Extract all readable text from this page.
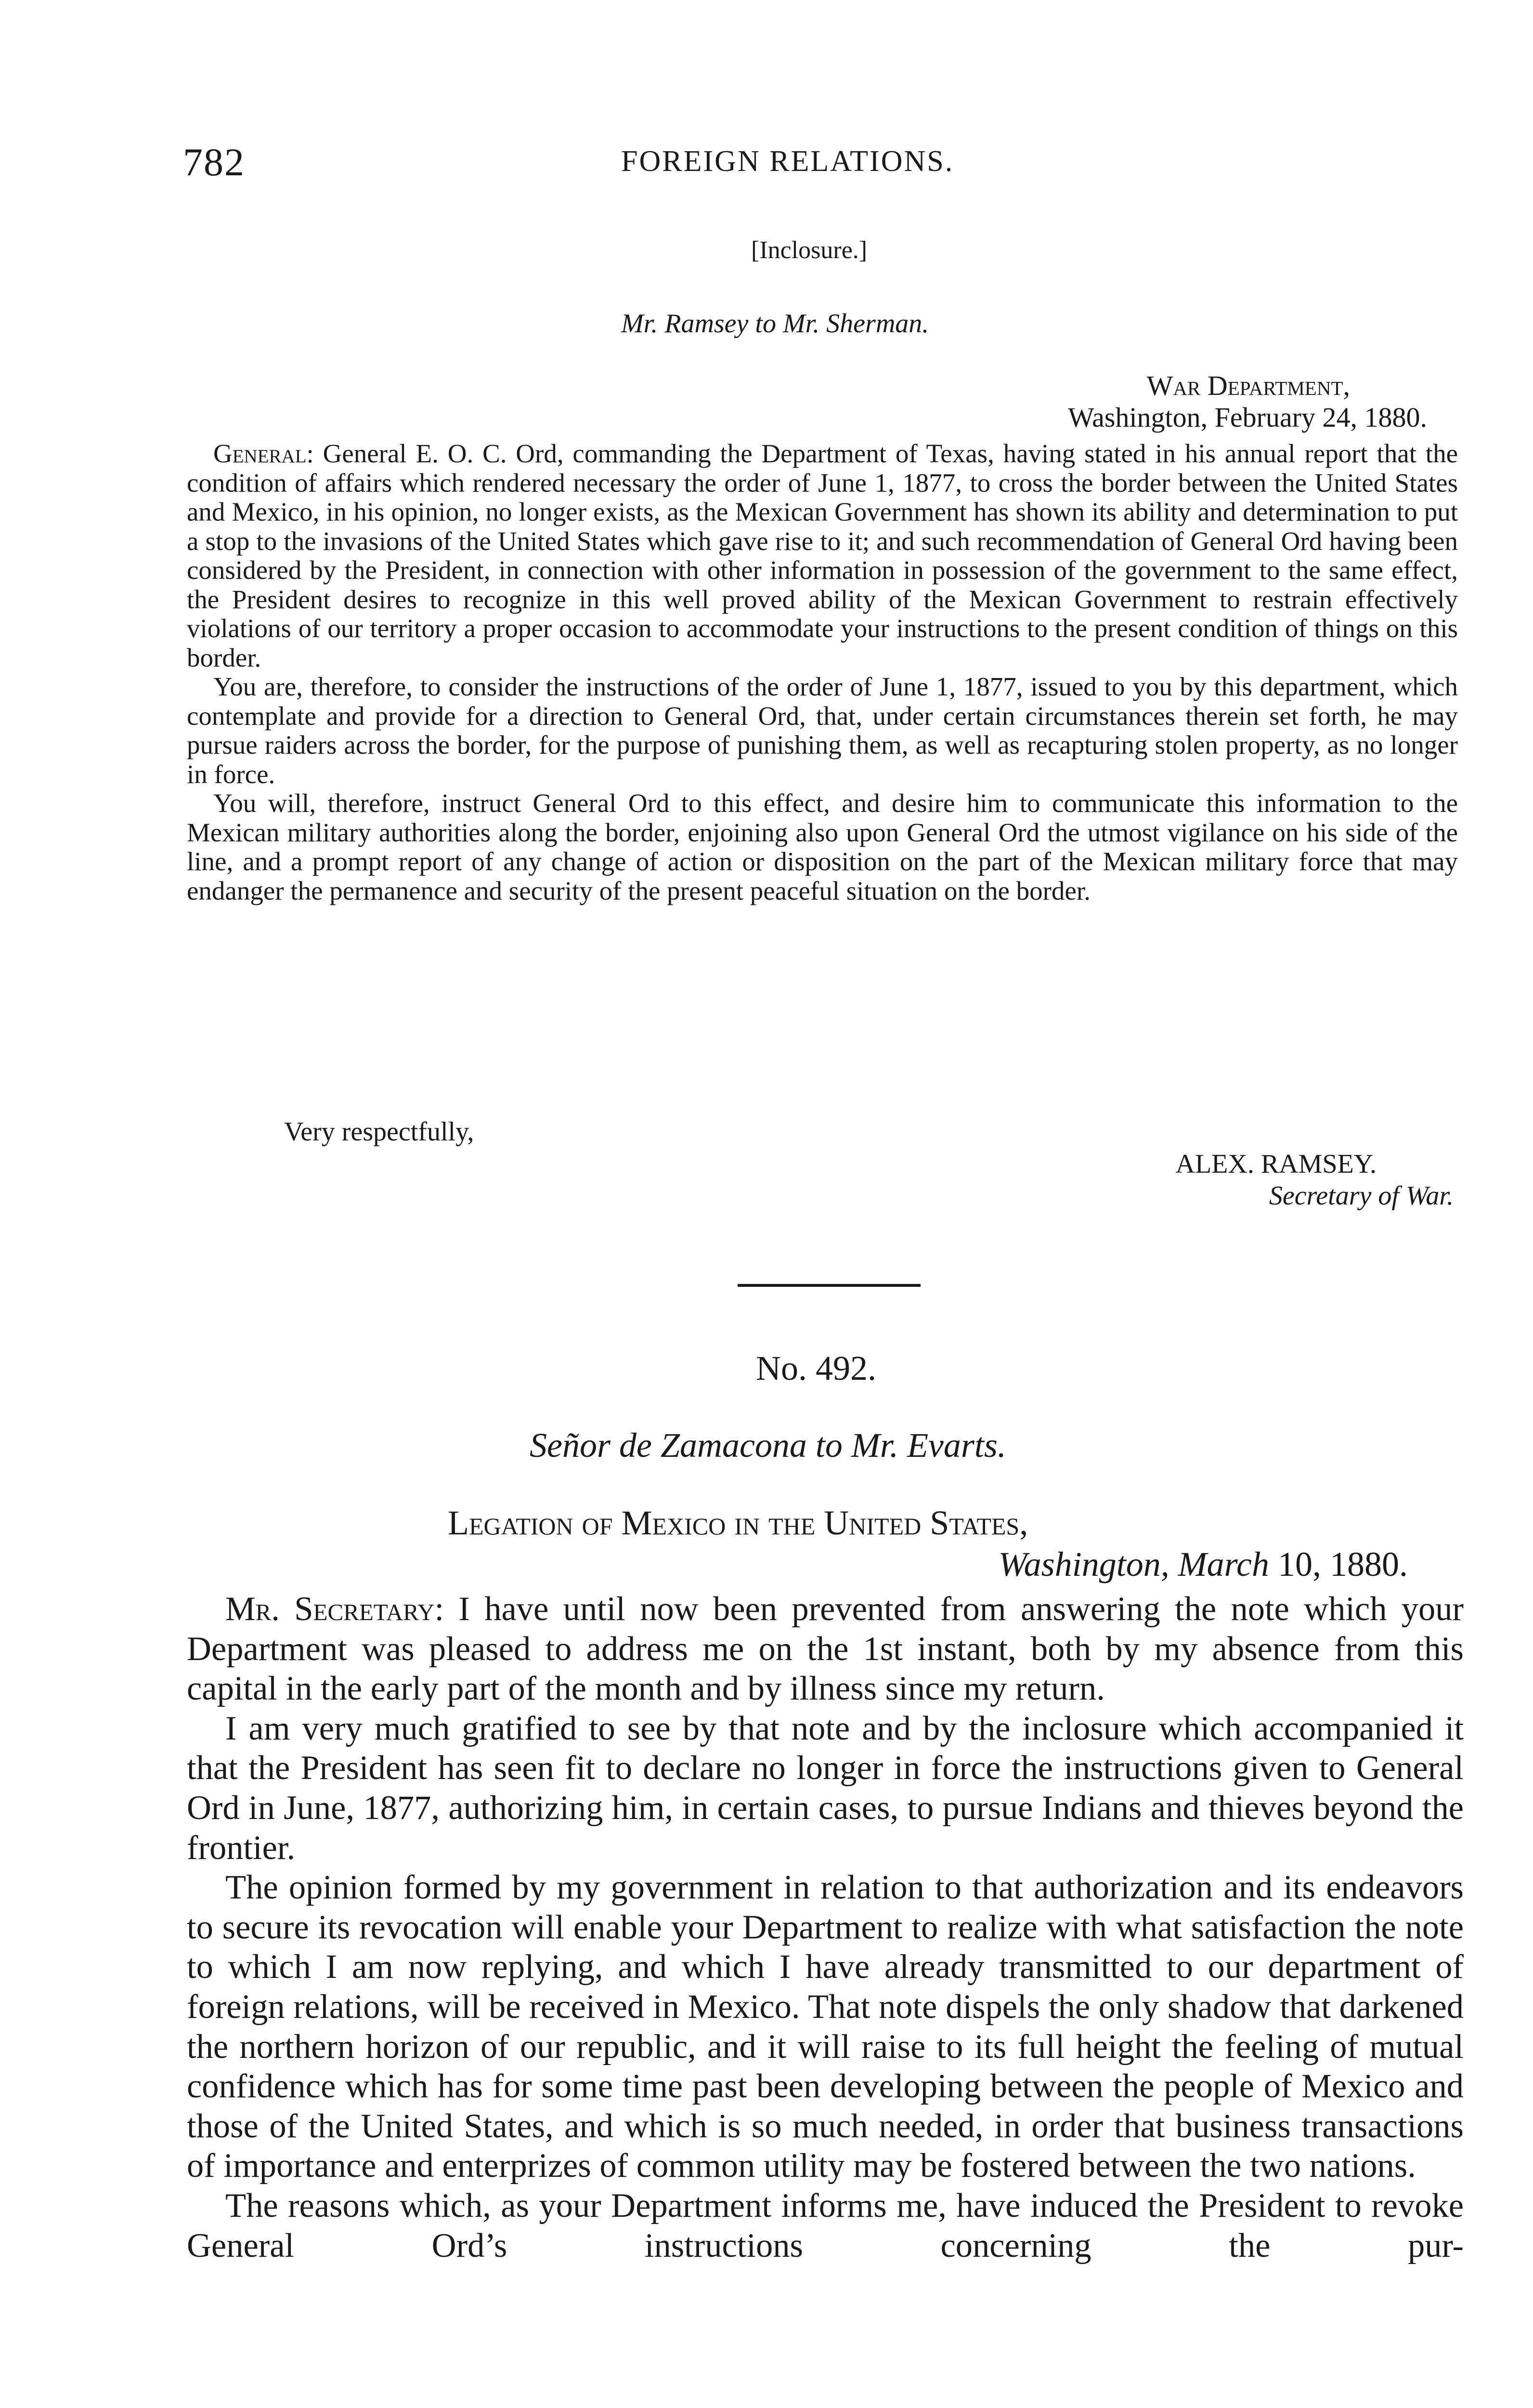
782	FOREIGN RELATIONS.
[Inclosure.]
Mr. Ramsey to Mr. Sherman.
War Department,
Washington, February 24, 1880.

General: General E. O. C. Ord, commanding the Department of Texas, having stated in his annual report that the condition of affairs which rendered necessary the order of June 1, 1877, to cross the border between the United States and Mexico, in his opinion, no longer exists, as the Mexican Government has shown its ability and determination to put a stop to the invasions of the United States which gave rise to it; and such recommendation of General Ord having been considered by the President, in connection with other information in possession of the government to the same effect, the President desires to recognize in this well proved ability of the Mexican Government to restrain effectively violations of our territory a proper occasion to accommodate your instructions to the present condition of things on this border.

You are, therefore, to consider the instructions of the order of June 1, 1877, issued to you by this department, which contemplate and provide for a direction to General Ord, that, under certain circumstances therein set forth, he may pursue raiders across the border, for the purpose of punishing them, as well as recapturing stolen property, as no longer in force.

You will, therefore, instruct General Ord to this effect, and desire him to communicate this information to the Mexican military authorities along the border, enjoining also upon General Ord the utmost vigilance on his side of the line, and a prompt report of any change of action or disposition on the part of the Mexican military force that may endanger the permanence and security of the present peaceful situation on the border.

Very respectfully,
ALEX. RAMSEY.
Secretary of War.
No. 492.
Señor de Zamacona to Mr. Evarts.
Legation of Mexico in the United States,
Washington, March 10, 1880.

Mr. Secretary: I have until now been prevented from answering the note which your Department was pleased to address me on the 1st instant, both by my absence from this capital in the early part of the month and by illness since my return.

I am very much gratified to see by that note and by the inclosure which accompanied it that the President has seen fit to declare no longer in force the instructions given to General Ord in June, 1877, authorizing him, in certain cases, to pursue Indians and thieves beyond the frontier.

The opinion formed by my government in relation to that authorization and its endeavors to secure its revocation will enable your Department to realize with what satisfaction the note to which I am now replying, and which I have already transmitted to our department of foreign relations, will be received in Mexico. That note dispels the only shadow that darkened the northern horizon of our republic, and it will raise to its full height the feeling of mutual confidence which has for some time past been developing between the people of Mexico and those of the United States, and which is so much needed, in order that business transactions of importance and enterprizes of common utility may be fostered between the two nations.

The reasons which, as your Department informs me, have induced the President to revoke General Ord’s instructions concerning the pur-
